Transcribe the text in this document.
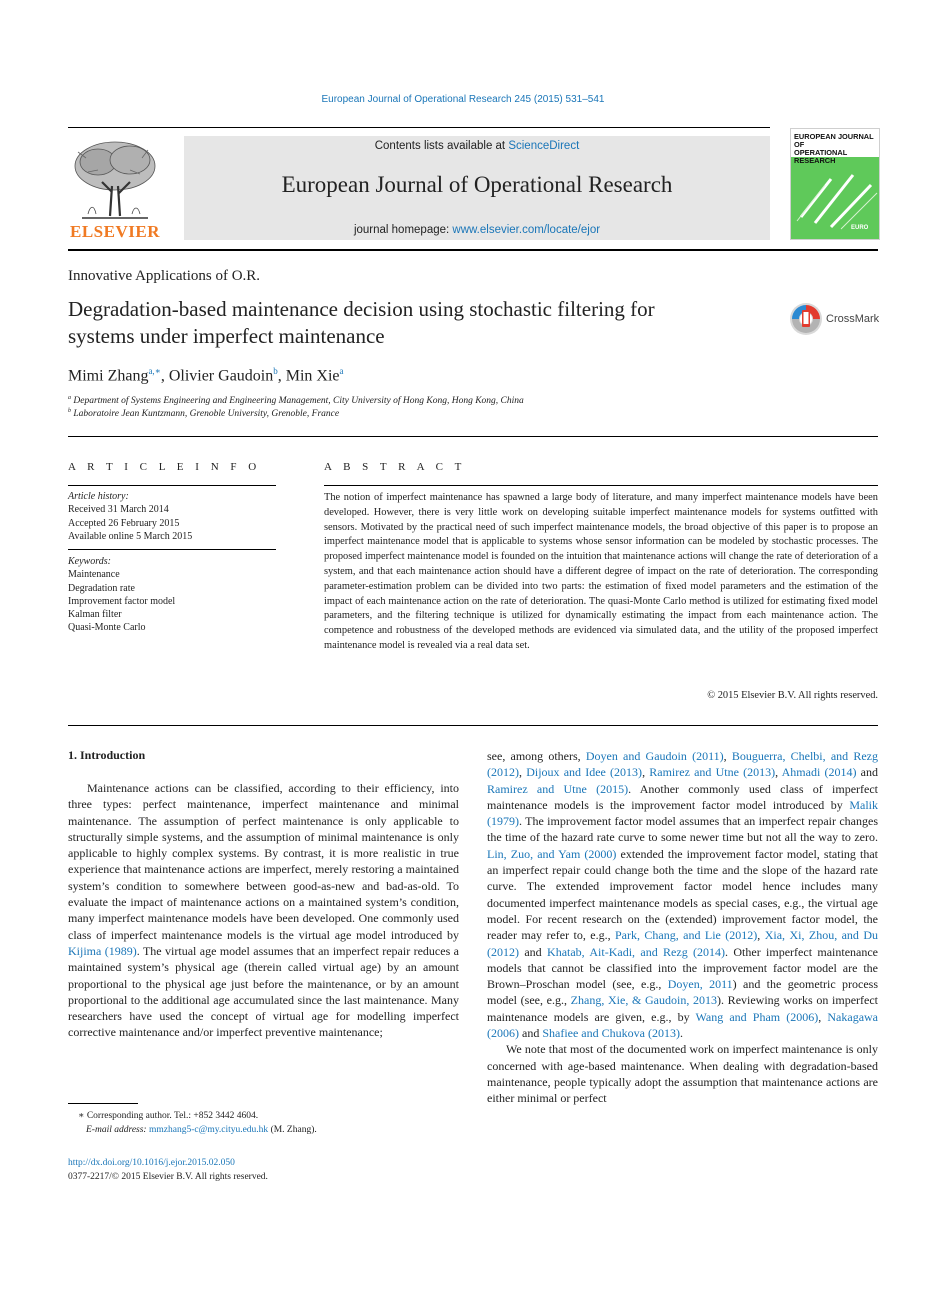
European Journal of Operational Research 245 (2015) 531–541
ELSEVIER
Contents lists available at ScienceDirect
European Journal of Operational Research
journal homepage: www.elsevier.com/locate/ejor
EUROPEAN JOURNAL OF
OPERATIONAL RESEARCH
EURO
Innovative Applications of O.R.
Degradation-based maintenance decision using stochastic filtering for
systems under imperfect maintenance
CrossMark
Mimi Zhang$^{a,∗}$, Olivier Gaudoin$^b$, Min Xie$^a$
$^a$ Department of Systems Engineering and Engineering Management, City University of Hong Kong, Hong Kong, China
$^b$ Laboratoire Jean Kuntzmann, Grenoble University, Grenoble, France
A R T I C L E I N F O	A B S T R A C T
Article history:
Received 31 March 2014
Accepted 26 February 2015
Available online 5 March 2015
Keywords:
Maintenance
Degradation rate
Improvement factor model
Kalman filter
Quasi-Monte Carlo
The notion of imperfect maintenance has spawned a large body of literature, and many imperfect maintenance models have been developed. However, there is very little work on developing suitable imperfect maintenance models for systems outfitted with sensors. Motivated by the practical need of such imperfect maintenance models, the broad objective of this paper is to propose an imperfect maintenance model that is applicable to systems whose sensor information can be modeled by stochastic processes. The proposed imperfect maintenance model is founded on the intuition that maintenance actions will change the rate of deterioration of a system, and that each maintenance action should have a different degree of impact on the rate of deterioration. The corresponding parameter-estimation problem can be divided into two parts: the estimation of fixed model parameters and the estimation of the impact of each maintenance action on the rate of deterioration. The quasi-Monte Carlo method is utilized for estimating fixed model parameters, and the filtering technique is utilized for dynamically estimating the impact from each maintenance action. The competence and robustness of the developed methods are evidenced via simulated data, and the utility of the proposed imperfect maintenance model is revealed via a real data set.
© 2015 Elsevier B.V. All rights reserved.
1. Introduction

Maintenance actions can be classified, according to their efficiency, into three types: perfect maintenance, imperfect maintenance and minimal maintenance. The assumption of perfect maintenance is only applicable to structurally simple systems, and the assumption of minimal maintenance is only applicable to highly complex systems. By contrast, it is more realistic in true experience that maintenance actions are imperfect, merely restoring a maintained system’s condition to somewhere between good-as-new and bad-as-old. To evaluate the impact of maintenance actions on a maintained system’s condition, many imperfect maintenance models have been developed. One commonly used class of imperfect maintenance models is the virtual age model introduced by Kijima (1989). The virtual age model assumes that an imperfect repair reduces a maintained system’s physical age (therein called virtual age) by an amount proportional to the physical age just before the maintenance, or by an amount proportional to the additional age accumulated since the last maintenance. Many researchers have used the concept of virtual age for modelling imperfect corrective maintenance and/or imperfect preventive maintenance;

see, among others, Doyen and Gaudoin (2011), Bouguerra, Chelbi, and Rezg (2012), Dijoux and Idee (2013), Ramirez and Utne (2013), Ahmadi (2014) and Ramirez and Utne (2015). Another commonly used class of imperfect maintenance models is the improvement factor model introduced by Malik (1979). The improvement factor model assumes that an imperfect repair changes the time of the hazard rate curve to some newer time but not all the way to zero. Lin, Zuo, and Yam (2000) extended the improvement factor model, stating that an imperfect repair could change both the time and the slope of the hazard rate curve. The extended improvement factor model hence includes many documented imperfect maintenance models as special cases, e.g., the virtual age model. For recent research on the (extended) improvement factor model, the reader may refer to, e.g., Park, Chang, and Lie (2012), Xia, Xi, Zhou, and Du (2012) and Khatab, Ait-Kadi, and Rezg (2014). Other imperfect maintenance models that cannot be classified into the improvement factor model are the Brown–Proschan model (see, e.g., Doyen, 2011) and the geometric process model (see, e.g., Zhang, Xie, & Gaudoin, 2013). Reviewing works on imperfect maintenance models are given, e.g., by Wang and Pham (2006), Nakagawa (2006) and Shafiee and Chukova (2013).

We note that most of the documented work on imperfect maintenance is only concerned with age-based maintenance. When dealing with degradation-based maintenance, people typically adopt the assumption that maintenance actions are either minimal or perfect

∗ Corresponding author. Tel.: +852 3442 4604.
E-mail address: mmzhang5-c@my.cityu.edu.hk (M. Zhang).
http://dx.doi.org/10.1016/j.ejor.2015.02.050
0377-2217/© 2015 Elsevier B.V. All rights reserved.
